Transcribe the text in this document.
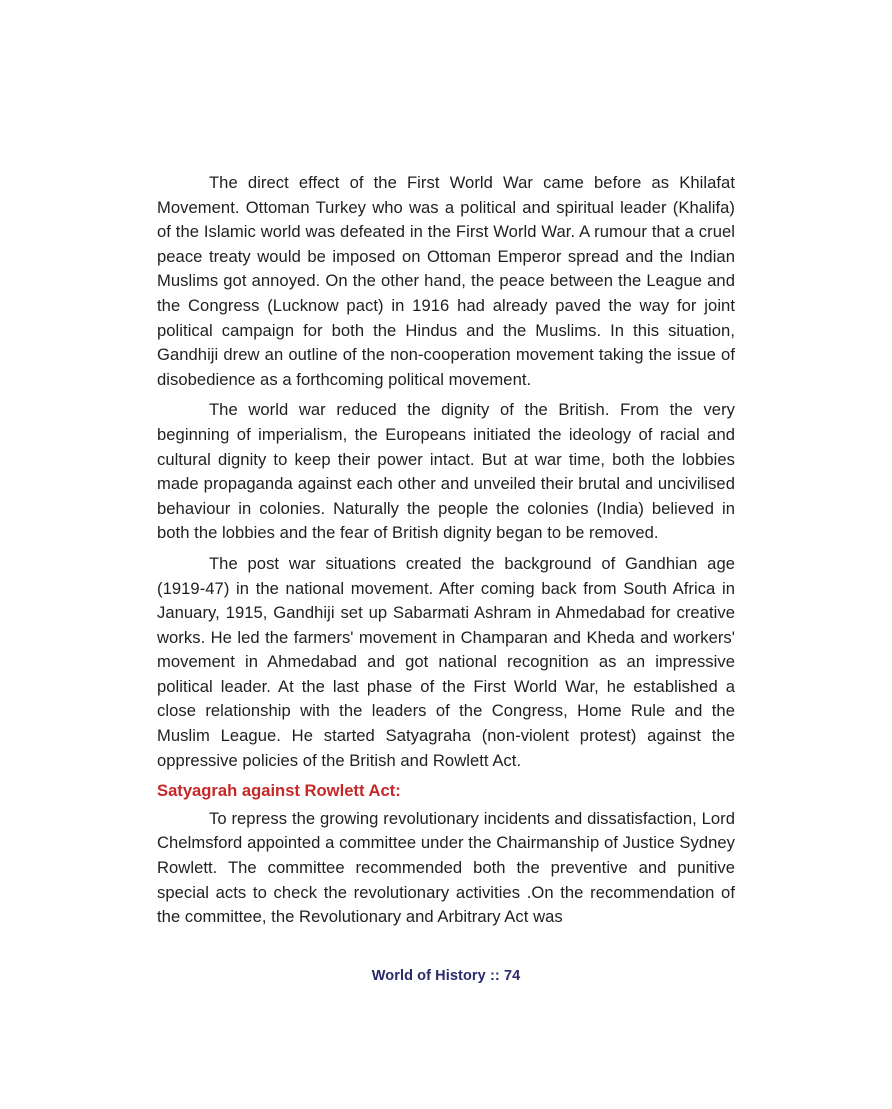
The direct effect of the First World War came before as Khilafat Movement. Ottoman Turkey who was a political and spiritual leader (Khalifa) of the Islamic world was defeated in the First World War. A rumour that a cruel peace treaty would be imposed on Ottoman Emperor spread and the Indian Muslims got annoyed. On the other hand, the peace between the League and the Congress (Lucknow pact) in 1916 had already paved the way for joint political campaign for both the Hindus and the Muslims. In this situation, Gandhiji drew an outline of the non-cooperation movement taking the issue of disobedience as a forthcoming political movement.

The world war reduced the dignity of the British. From the very beginning of imperialism, the Europeans initiated the ideology of racial and cultural dignity to keep their power intact. But at war time, both the lobbies made propaganda against each other and unveiled their brutal and uncivilised behaviour in colonies. Naturally the people the colonies (India) believed in both the lobbies and the fear of British dignity began to be removed.

The post war situations created the background of Gandhian age (1919-47) in the national movement. After coming back from South Africa in January, 1915, Gandhiji set up Sabarmati Ashram in Ahmedabad for creative works. He led the farmers' movement in Champaran and Kheda and workers' movement in Ahmedabad and got national recognition as an impressive political leader. At the last phase of the First World War, he established a close relationship with the leaders of the Congress, Home Rule and the Muslim League. He started Satyagraha (non-violent protest) against the oppressive policies of the British and Rowlett Act.

Satyagrah against Rowlett Act:

To repress the growing revolutionary incidents and dissatisfaction, Lord Chelmsford appointed a committee under the Chairmanship of Justice Sydney Rowlett. The committee recommended both the preventive and punitive special acts to check the revolutionary activities .On the recommendation of the committee, the Revolutionary and Arbitrary Act was

World of History :: 74
